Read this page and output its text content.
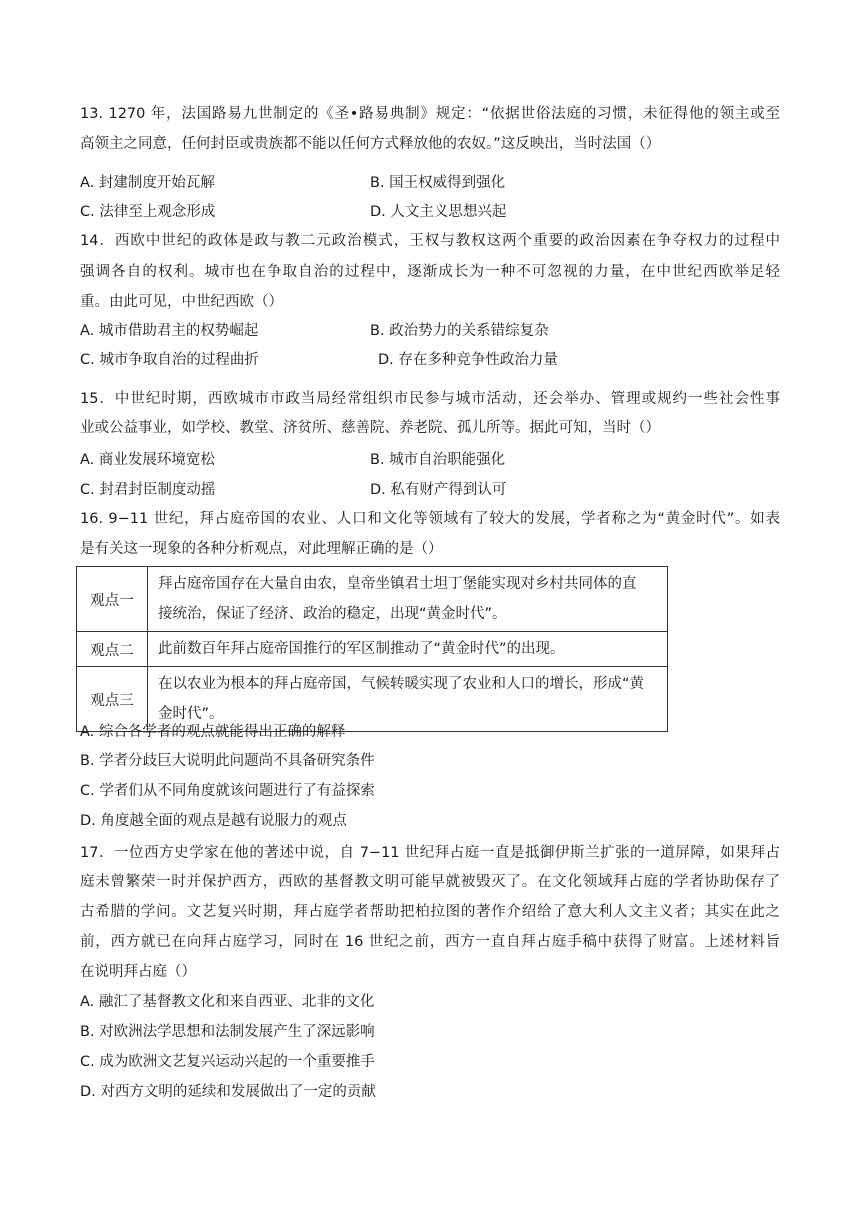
13. 1270 年，法国路易九世制定的《圣•路易典制》规定：“依据世俗法庭的习惯，未征得他的领主或至
高领主之同意，任何封臣或贵族都不能以任何方式释放他的农奴。”这反映出，当时法国（）
A. 封建制度开始瓦解	B. 国王权威得到强化
C. 法律至上观念形成	D. 人文主义思想兴起
14．西欧中世纪的政体是政与教二元政治模式，王权与教权这两个重要的政治因素在争夺权力的过程中
强调各自的权利。城市也在争取自治的过程中，逐渐成长为一种不可忽视的力量，在中世纪西欧举足轻
重。由此可见，中世纪西欧（）
A. 城市借助君主的权势崛起	B. 政治势力的关系错综复杂
C. 城市争取自治的过程曲折	D. 存在多种竞争性政治力量
15．中世纪时期，西欧城市市政当局经常组织市民参与城市活动，还会举办、管理或规约一些社会性事
业或公益事业，如学校、教堂、济贫所、慈善院、养老院、孤儿所等。据此可知，当时（）
A. 商业发展环境宽松	B. 城市自治职能强化
C. 封君封臣制度动摇	D. 私有财产得到认可
16. 9−11 世纪，拜占庭帝国的农业、人口和文化等领域有了较大的发展，学者称之为“黄金时代”。如表
是有关这一现象的各种分析观点，对此理解正确的是（）
观点一	拜占庭帝国存在大量自由农，皇帝坐镇君士坦丁堡能实现对乡村共同体的直
接统治，保证了经济、政治的稳定，出现“黄金时代”。

观点二	此前数百年拜占庭帝国推行的军区制推动了“黄金时代”的出现。

观点三	在以农业为根本的拜占庭帝国，气候转暖实现了农业和人口的增长，形成“黄
金时代”。
A. 综合各学者的观点就能得出正确的解释
B. 学者分歧巨大说明此问题尚不具备研究条件
C. 学者们从不同角度就该问题进行了有益探索
D. 角度越全面的观点是越有说服力的观点
17．一位西方史学家在他的著述中说，自 7−11 世纪拜占庭一直是抵御伊斯兰扩张的一道屏障，如果拜占
庭未曾繁荣一时并保护西方，西欧的基督教文明可能早就被毁灭了。在文化领域拜占庭的学者协助保存了
古希腊的学问。文艺复兴时期，拜占庭学者帮助把柏拉图的著作介绍给了意大利人文主义者；其实在此之
前，西方就已在向拜占庭学习，同时在 16 世纪之前，西方一直自拜占庭手稿中获得了财富。上述材料旨
在说明拜占庭（）
A. 融汇了基督教文化和来自西亚、北非的文化
B. 对欧洲法学思想和法制发展产生了深远影响
C. 成为欧洲文艺复兴运动兴起的一个重要推手
D. 对西方文明的延续和发展做出了一定的贡献
